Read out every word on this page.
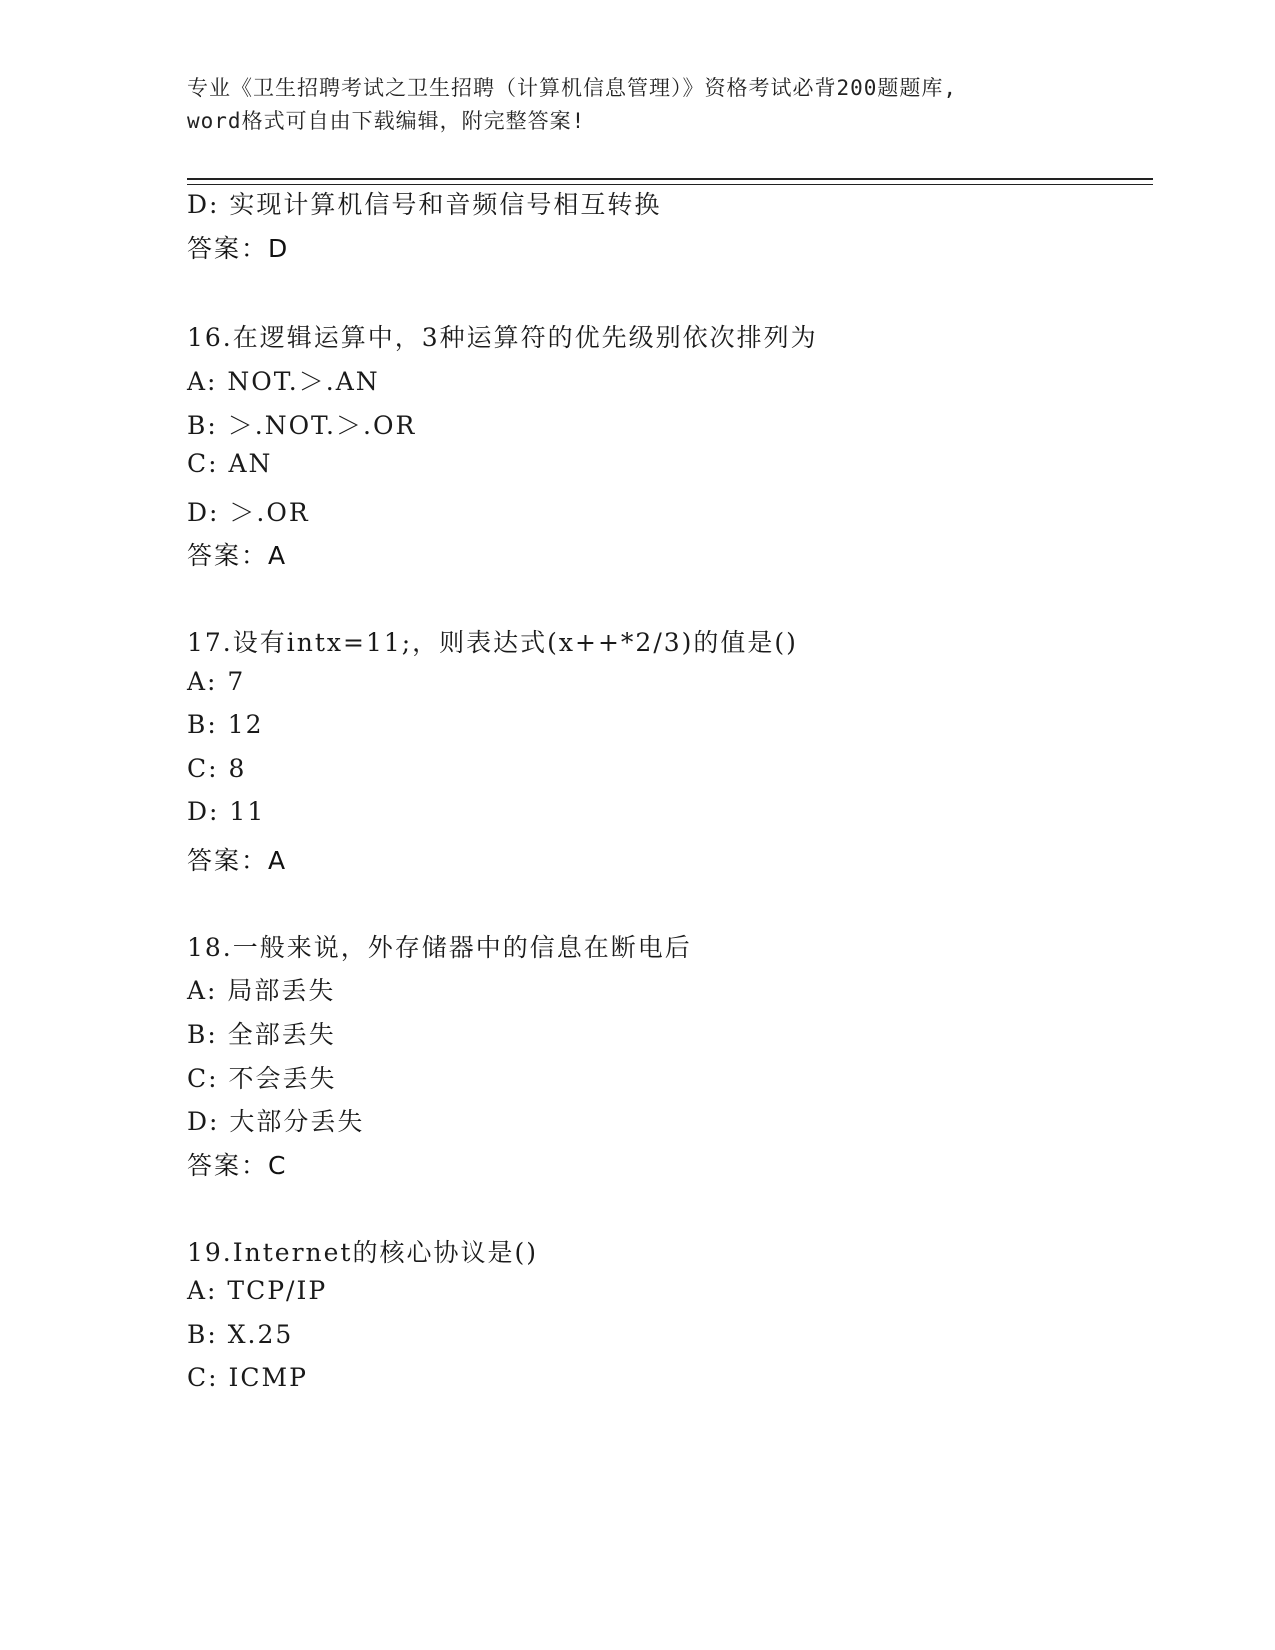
专业《卫生招聘考试之卫生招聘（计算机信息管理）》资格考试必背200题题库,
word格式可自由下载编辑，附完整答案!
D: 实现计算机信号和音频信号相互转换
答案：D
16.在逻辑运算中，3种运算符的优先级别依次排列为
A: NOT.＞.AN
B: ＞.NOT.＞.OR
C: AN
D: ＞.OR
答案：A
17.设有intx=11;，则表达式(x++*2/3)的值是()
A: 7
B: 12
C: 8
D: 11
答案：A
18.一般来说，外存储器中的信息在断电后
A: 局部丢失
B: 全部丢失
C: 不会丢失
D: 大部分丢失
答案：C
19.Internet的核心协议是()
A: TCP/IP
B: X.25
C: ICMP
